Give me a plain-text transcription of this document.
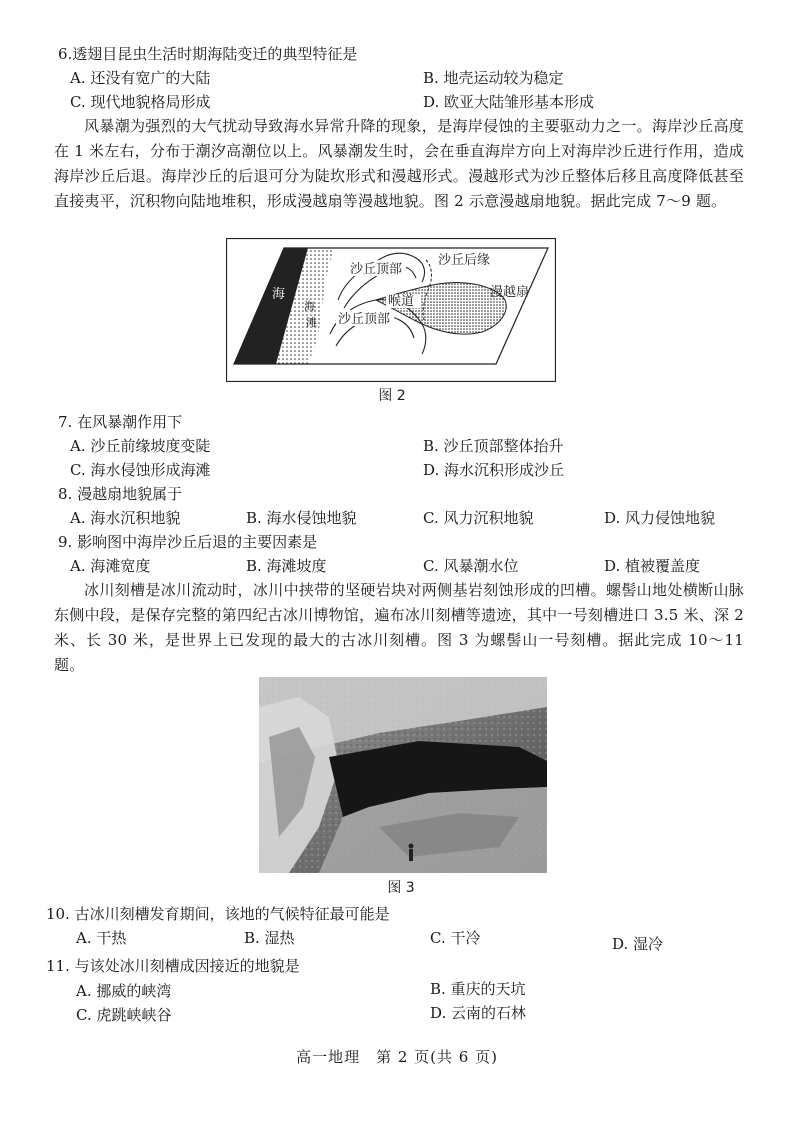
6.透翅目昆虫生活时期海陆变迁的典型特征是
A. 还没有宽广的大陆	B. 地壳运动较为稳定
C. 现代地貌格局形成	D. 欧亚大陆雏形基本形成
风暴潮为强烈的大气扰动导致海水异常升降的现象，是海岸侵蚀的主要驱动力之一。海岸沙丘高度在 1 米左右，分布于潮汐高潮位以上。风暴潮发生时，会在垂直海岸方向上对海岸沙丘进行作用，造成海岸沙丘后退。海岸沙丘的后退可分为陡坎形式和漫越形式。漫越形式为沙丘整体后移且高度降低甚至直接夷平，沉积物向陆地堆积，形成漫越扇等漫越地貌。图 2 示意漫越扇地貌。据此完成 7～9 题。
海
海
滩
沙丘顶部
沙丘后缘
喉道
漫越扇
沙丘顶部
图 2
7. 在风暴潮作用下
A. 沙丘前缘坡度变陡	B. 沙丘顶部整体抬升
C. 海水侵蚀形成海滩	D. 海水沉积形成沙丘
8. 漫越扇地貌属于
A. 海水沉积地貌	B. 海水侵蚀地貌	C. 风力沉积地貌	D. 风力侵蚀地貌
9. 影响图中海岸沙丘后退的主要因素是
A. 海滩宽度	B. 海滩坡度	C. 风暴潮水位	D. 植被覆盖度
冰川刻槽是冰川流动时，冰川中挟带的坚硬岩块对两侧基岩刻蚀形成的凹槽。螺髻山地处横断山脉东侧中段，是保存完整的第四纪古冰川博物馆，遍布冰川刻槽等遗迹，其中一号刻槽进口 3.5 米、深 2 米、长 30 米，是世界上已发现的最大的古冰川刻槽。图 3 为螺髻山一号刻槽。据此完成 10～11 题。
图 3
10. 古冰川刻槽发育期间，该地的气候特征最可能是
A. 干热	B. 湿热	C. 干冷	D. 湿冷
11. 与该处冰川刻槽成因接近的地貌是
A. 挪威的峡湾	B. 重庆的天坑
C. 虎跳峡峡谷	D. 云南的石林
高一地理　第 2 页(共 6 页)
